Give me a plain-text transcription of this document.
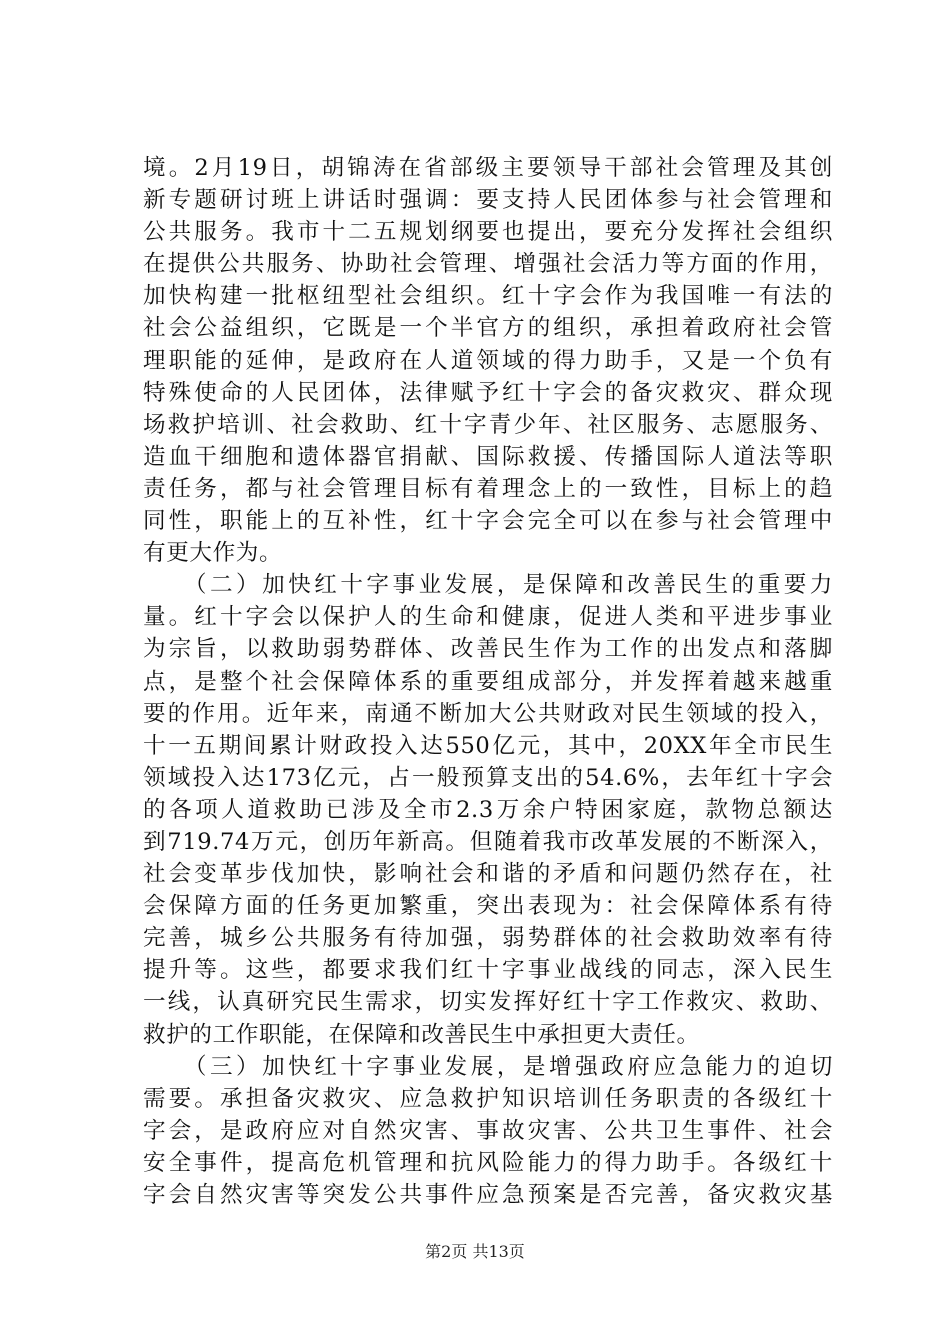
境。2月19日，胡锦涛在省部级主要领导干部社会管理及其创
新专题研讨班上讲话时强调：要支持人民团体参与社会管理和
公共服务。我市十二五规划纲要也提出，要充分发挥社会组织
在提供公共服务、协助社会管理、增强社会活力等方面的作用，
加快构建一批枢纽型社会组织。红十字会作为我国唯一有法的
社会公益组织，它既是一个半官方的组织，承担着政府社会管
理职能的延伸，是政府在人道领域的得力助手，又是一个负有
特殊使命的人民团体，法律赋予红十字会的备灾救灾、群众现
场救护培训、社会救助、红十字青少年、社区服务、志愿服务、
造血干细胞和遗体器官捐献、国际救援、传播国际人道法等职
责任务，都与社会管理目标有着理念上的一致性，目标上的趋
同性，职能上的互补性，红十字会完全可以在参与社会管理中
有更大作为。
　　（二）加快红十字事业发展，是保障和改善民生的重要力
量。红十字会以保护人的生命和健康，促进人类和平进步事业
为宗旨，以救助弱势群体、改善民生作为工作的出发点和落脚
点，是整个社会保障体系的重要组成部分，并发挥着越来越重
要的作用。近年来，南通不断加大公共财政对民生领域的投入，
十一五期间累计财政投入达550亿元，其中，20XX年全市民生
领域投入达173亿元，占一般预算支出的54.6%，去年红十字会
的各项人道救助已涉及全市2.3万余户特困家庭，款物总额达
到719.74万元，创历年新高。但随着我市改革发展的不断深入，
社会变革步伐加快，影响社会和谐的矛盾和问题仍然存在，社
会保障方面的任务更加繁重，突出表现为：社会保障体系有待
完善，城乡公共服务有待加强，弱势群体的社会救助效率有待
提升等。这些，都要求我们红十字事业战线的同志，深入民生
一线，认真研究民生需求，切实发挥好红十字工作救灾、救助、
救护的工作职能，在保障和改善民生中承担更大责任。
　　（三）加快红十字事业发展，是增强政府应急能力的迫切
需要。承担备灾救灾、应急救护知识培训任务职责的各级红十
字会，是政府应对自然灾害、事故灾害、公共卫生事件、社会
安全事件，提高危机管理和抗风险能力的得力助手。各级红十
字会自然灾害等突发公共事件应急预案是否完善，备灾救灾基
第2页 共13页
